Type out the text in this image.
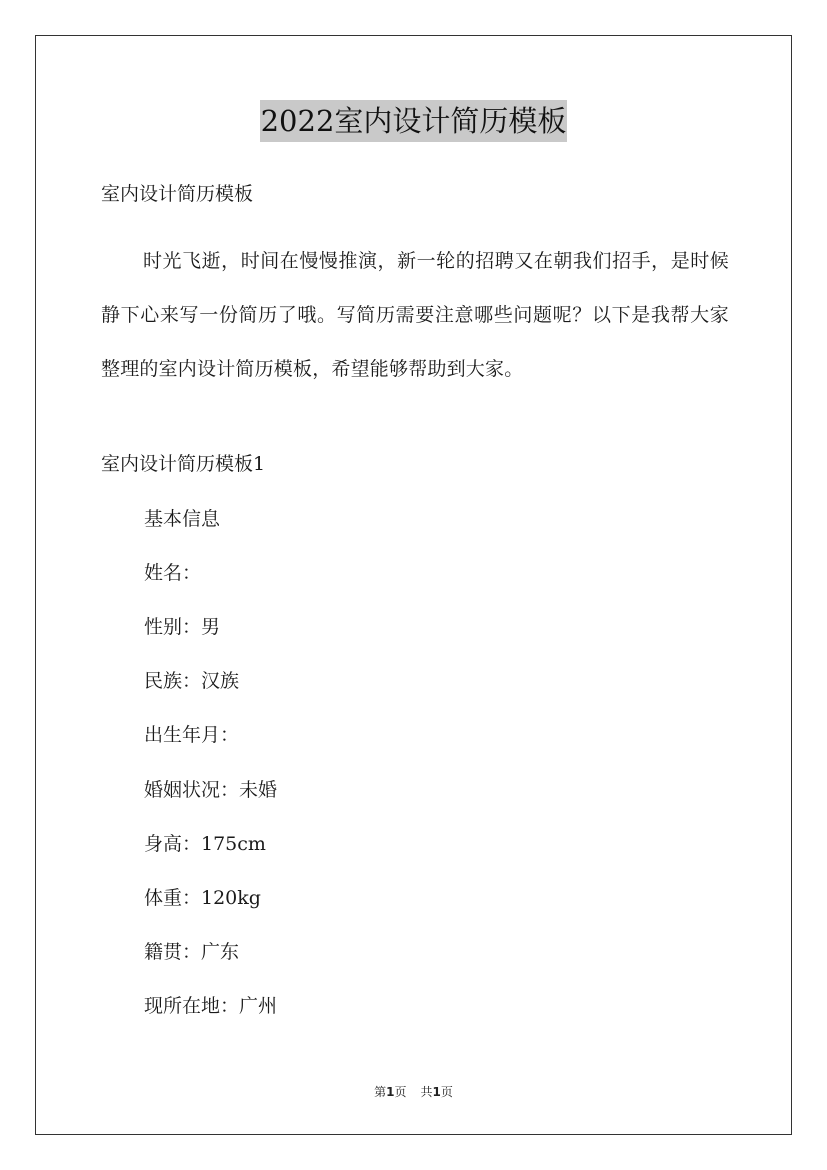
2022室内设计简历模板
室内设计简历模板
时光飞逝，时间在慢慢推演，新一轮的招聘又在朝我们招手，是时候静下心来写一份简历了哦。写简历需要注意哪些问题呢？以下是我帮大家整理的室内设计简历模板，希望能够帮助到大家。
室内设计简历模板1
基本信息
姓名：
性别：男
民族：汉族
出生年月：
婚姻状况：未婚
身高：175cm
体重：120kg
籍贯：广东
现所在地：广州
第1页 共1页
